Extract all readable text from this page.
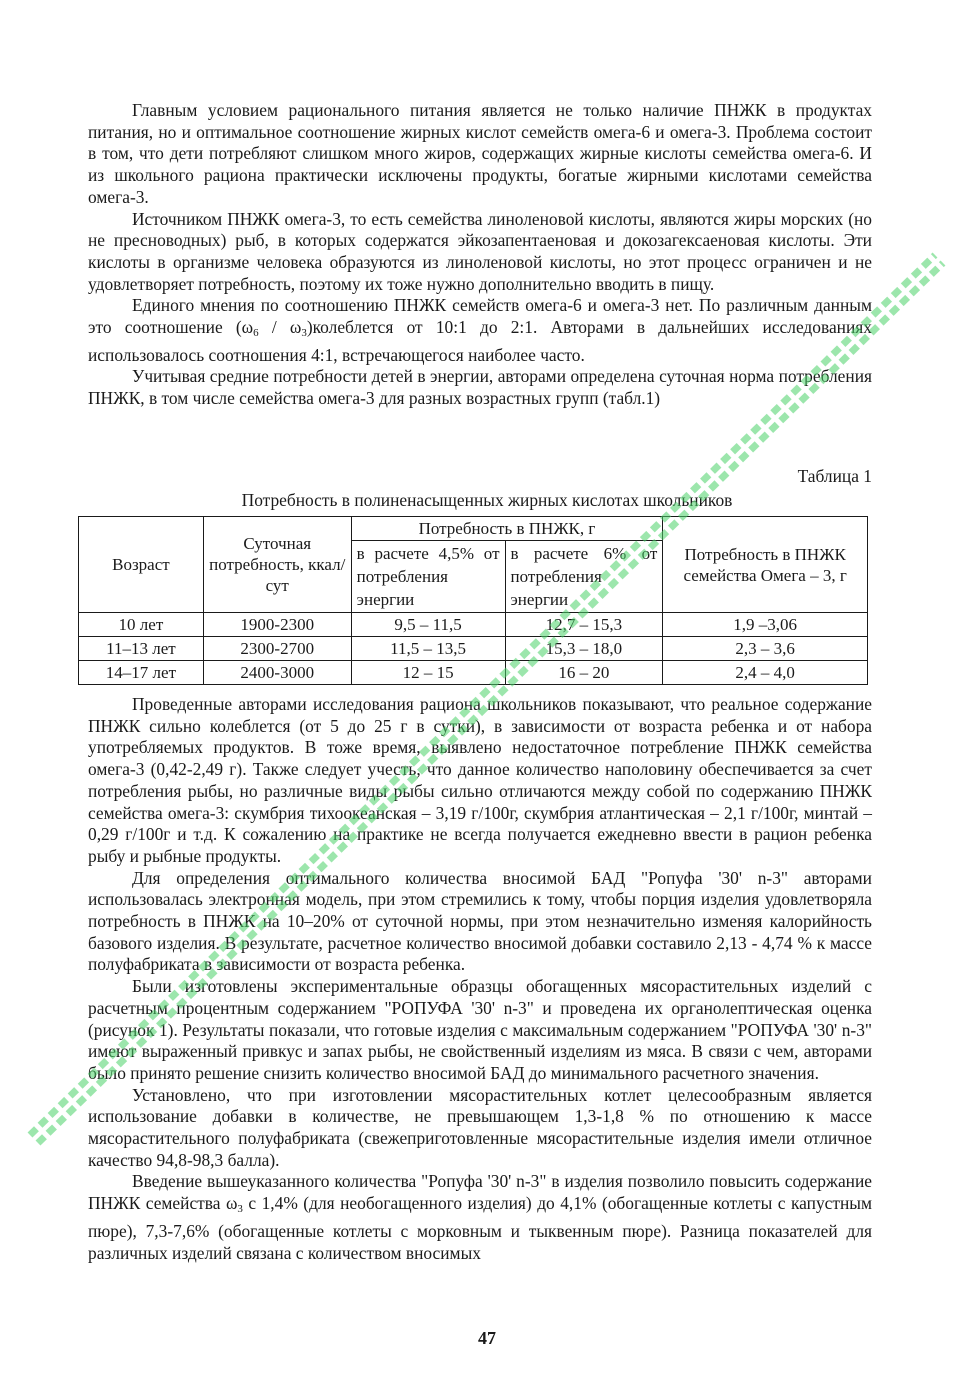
Главным условием рационального питания является не только наличие ПНЖК в продуктах питания, но и оптимальное соотношение жирных кислот семейств омега-6 и омега-3. Проблема состоит в том, что дети потребляют слишком много жиров, содержащих жирные кислоты семейства омега-6. И из школьного рациона практически исключены продукты, богатые жирными кислотами семейства омега-3.

Источником ПНЖК омега-3, то есть семейства линоленовой кислоты, являются жиры морских (но не пресноводных) рыб, в которых содержатся эйкозапентаеновая и докозагексаеновая кислоты. Эти кислоты в организме человека образуются из линоленовой кислоты, но этот процесс ограничен и не удовлетворяет потребность, поэтому их тоже нужно дополнительно вводить в пищу.

Единого мнения по соотношению ПНЖК семейств омега-6 и омега-3 нет. По различным данным это соотношение ($\omega_6$ / $\omega_3)колеблется$ от 10:1 до 2:1. Авторами в дальнейших исследованиях использовалось соотношения 4:1, встречающегося наиболее часто.

Учитывая средние потребности детей в энергии, авторами определена суточная норма потребления ПНЖК, в том числе семейства омега-3 для разных возрастных групп (табл.1)

Таблица 1

Потребность в полиненасыщенных жирных кислотах школьников

Возраст	Суточная потребность, ккал/сут	Потребность в ПНЖК, г		Потребность в ПНЖК семейства Омега – 3, г
		в расчете 4,5% от потребления энергии	в расчете 6% от потребления энергии	
10 лет	1900-2300	9,5 – 11,5	12,7 – 15,3	1,9 –3,06
11–13 лет	2300-2700	11,5 – 13,5	15,3 – 18,0	2,3 – 3,6
14–17 лет	2400-3000	12 – 15	16 – 20	2,4 – 4,0

Проведенные авторами исследования рациона школьников показывают, что реальное содержание ПНЖК сильно колеблется (от 5 до 25 г в сутки), в зависимости от возраста ребенка и от набора употребляемых продуктов. В тоже время, выявлено недостаточное потребление ПНЖК семейства омега-3 (0,42-2,49 г). Также следует учесть, что данное количество наполовину обеспечивается за счет потребления рыбы, но различные виды рыбы сильно отличаются между собой по содержанию ПНЖК семейства омега-3: скумбрия тихоокеанская – 3,19 г/100г, скумбрия атлантическая – 2,1 г/100г, минтай – 0,29 г/100г и т.д. К сожалению на практике не всегда получается ежедневно ввести в рацион ребенка рыбу и рыбные продукты.

Для определения оптимального количества вносимой БАД "Ропуфа '30' n-3" авторами использовалась электронная модель, при этом стремились к тому, чтобы порция изделия удовлетворяла потребность в ПНЖК на 10–20% от суточной нормы, при этом незначительно изменяя калорийность базового изделия. В результате, расчетное количество вносимой добавки составило 2,13 - 4,74 % к массе полуфабриката в зависимости от возраста ребенка.

Были изготовлены экспериментальные образцы обогащенных мясорастительных изделий с расчетным процентным содержанием "РОПУФА '30' n-3" и проведена их органолептическая оценка (рисунок 1). Результаты показали, что готовые изделия с максимальным содержанием "РОПУФА '30' n-3" имеют выраженный привкус и запах рыбы, не свойственный изделиям из мяса. В связи с чем, авторами было принято решение снизить количество вносимой БАД до минимального расчетного значения.

Установлено, что при изготовлении мясорастительных котлет целесообразным является использование добавки в количестве, не превышающем 1,3-1,8 % по отношению к массе мясорастительного полуфабриката (свежеприготовленные мясорастительные изделия имели отличное качество 94,8-98,3 балла).

Введение вышеуказанного количества "Ропуфа '30' n-3" в изделия позволило повысить содержание ПНЖК семейства $\omega_3$ с 1,4% (для необогащенного изделия) до 4,1% (обогащенные котлеты с капустным пюре), 7,3-7,6% (обогащенные котлеты с морковным и тыквенным пюре). Разница показателей для различных изделий связана с количеством вносимых

47
